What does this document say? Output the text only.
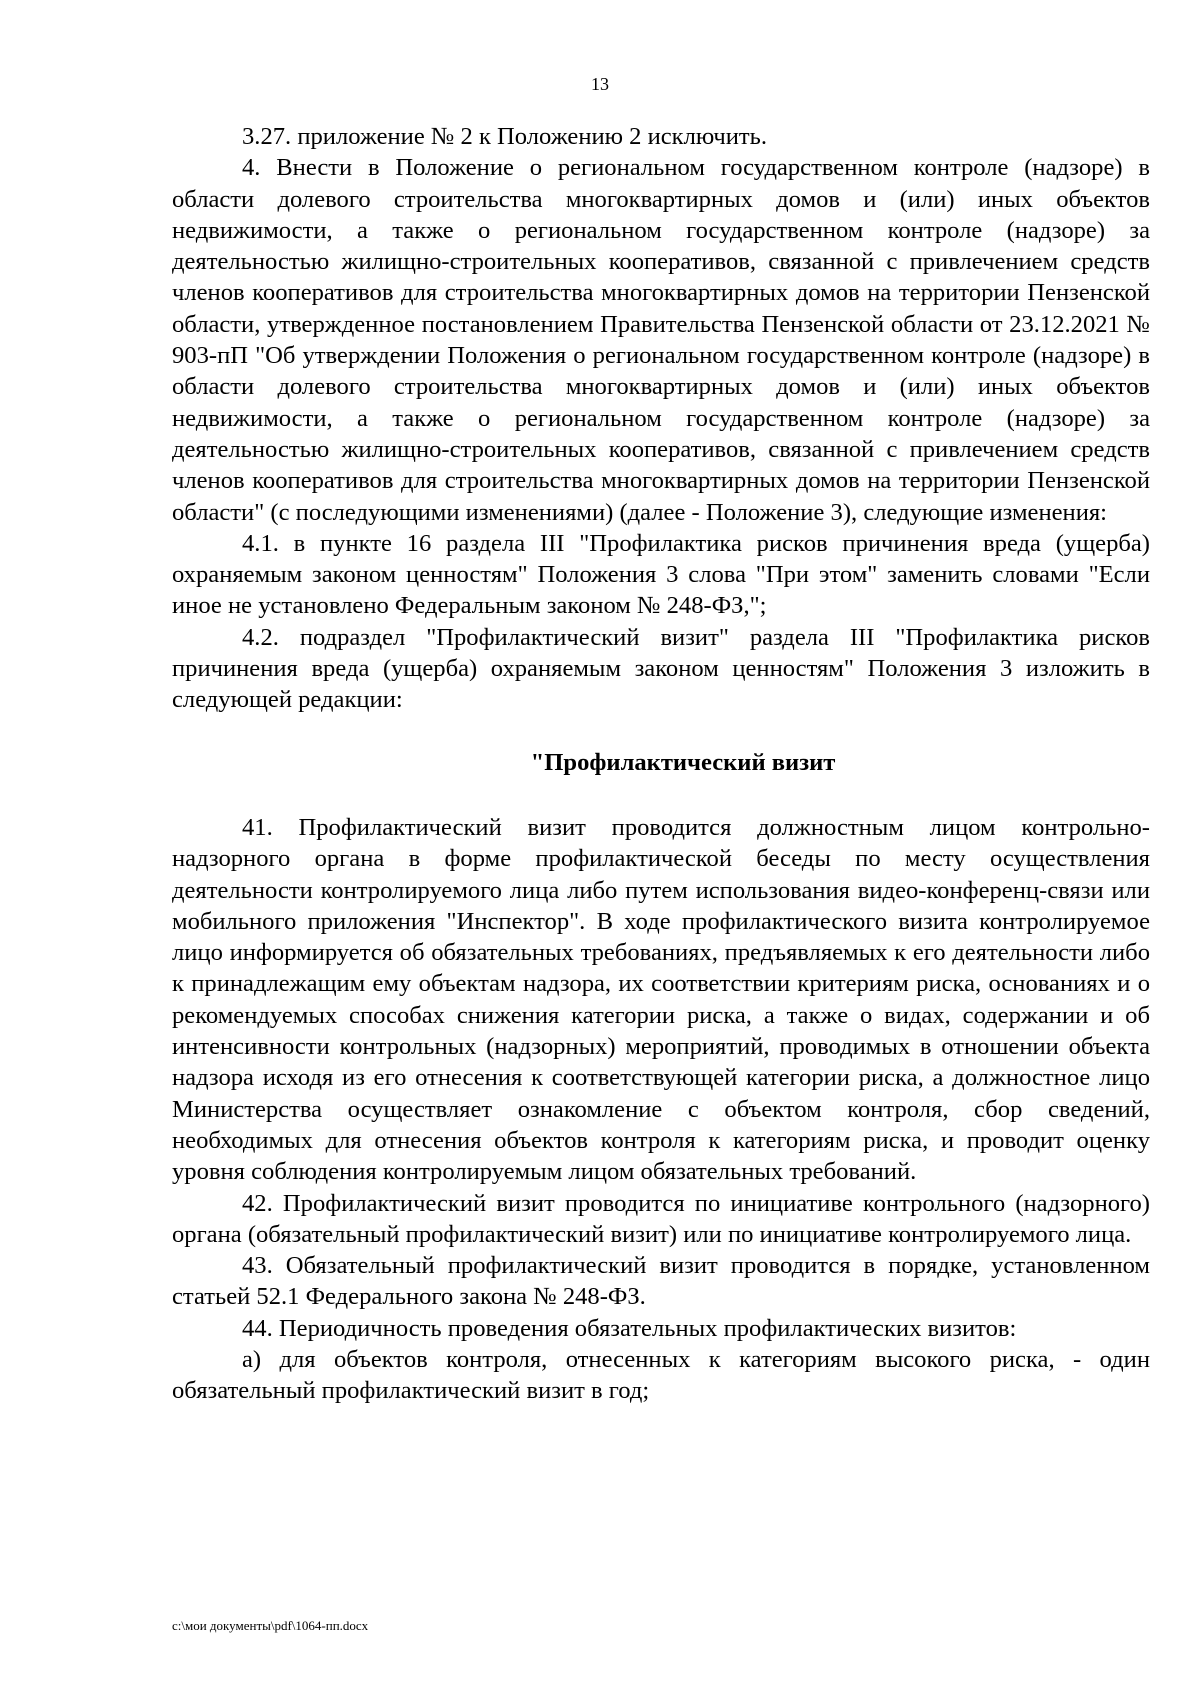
13

3.27. приложение № 2 к Положению 2 исключить.

4. Внести в Положение о региональном государственном контроле (надзоре) в области долевого строительства многоквартирных домов и (или) иных объектов недвижимости, а также о региональном государственном контроле (надзоре) за деятельностью жилищно-строительных кооперативов, связанной с привлечением средств членов кооперативов для строительства многоквартирных домов на территории Пензенской области, утвержденное постановлением Правительства Пензенской области от 23.12.2021 № 903-пП "Об утверждении Положения о региональном государственном контроле (надзоре) в области долевого строительства многоквартирных домов и (или) иных объектов недвижимости, а также о региональном государственном контроле (надзоре) за деятельностью жилищно-строительных кооперативов, связанной с привлечением средств членов кооперативов для строительства многоквартирных домов на территории Пензенской области" (с последующими изменениями) (далее - Положение 3), следующие изменения:

4.1. в пункте 16 раздела III "Профилактика рисков причинения вреда (ущерба) охраняемым законом ценностям" Положения 3 слова "При этом" заменить словами "Если иное не установлено Федеральным законом № 248-ФЗ,";

4.2. подраздел "Профилактический визит" раздела III "Профилактика рисков причинения вреда (ущерба) охраняемым законом ценностям" Положения 3 изложить в следующей редакции:

"Профилактический визит

41. Профилактический визит проводится должностным лицом контрольно-надзорного органа в форме профилактической беседы по месту осуществления деятельности контролируемого лица либо путем использования видео-конференц-связи или мобильного приложения "Инспектор". В ходе профилактического визита контролируемое лицо информируется об обязательных требованиях, предъявляемых к его деятельности либо к принадлежащим ему объектам надзора, их соответствии критериям риска, основаниях и о рекомендуемых способах снижения категории риска, а также о видах, содержании и об интенсивности контрольных (надзорных) мероприятий, проводимых в отношении объекта надзора исходя из его отнесения к соответствующей категории риска, а должностное лицо Министерства осуществляет ознакомление с объектом контроля, сбор сведений, необходимых для отнесения объектов контроля к категориям риска, и проводит оценку уровня соблюдения контролируемым лицом обязательных требований.

42. Профилактический визит проводится по инициативе контрольного (надзорного) органа (обязательный профилактический визит) или по инициативе контролируемого лица.

43. Обязательный профилактический визит проводится в порядке, установленном статьей 52.1 Федерального закона № 248-ФЗ.

44. Периодичность проведения обязательных профилактических визитов:

а) для объектов контроля, отнесенных к категориям высокого риска, - один обязательный профилактический визит в год;

c:\мои документы\pdf\1064-пп.docx
